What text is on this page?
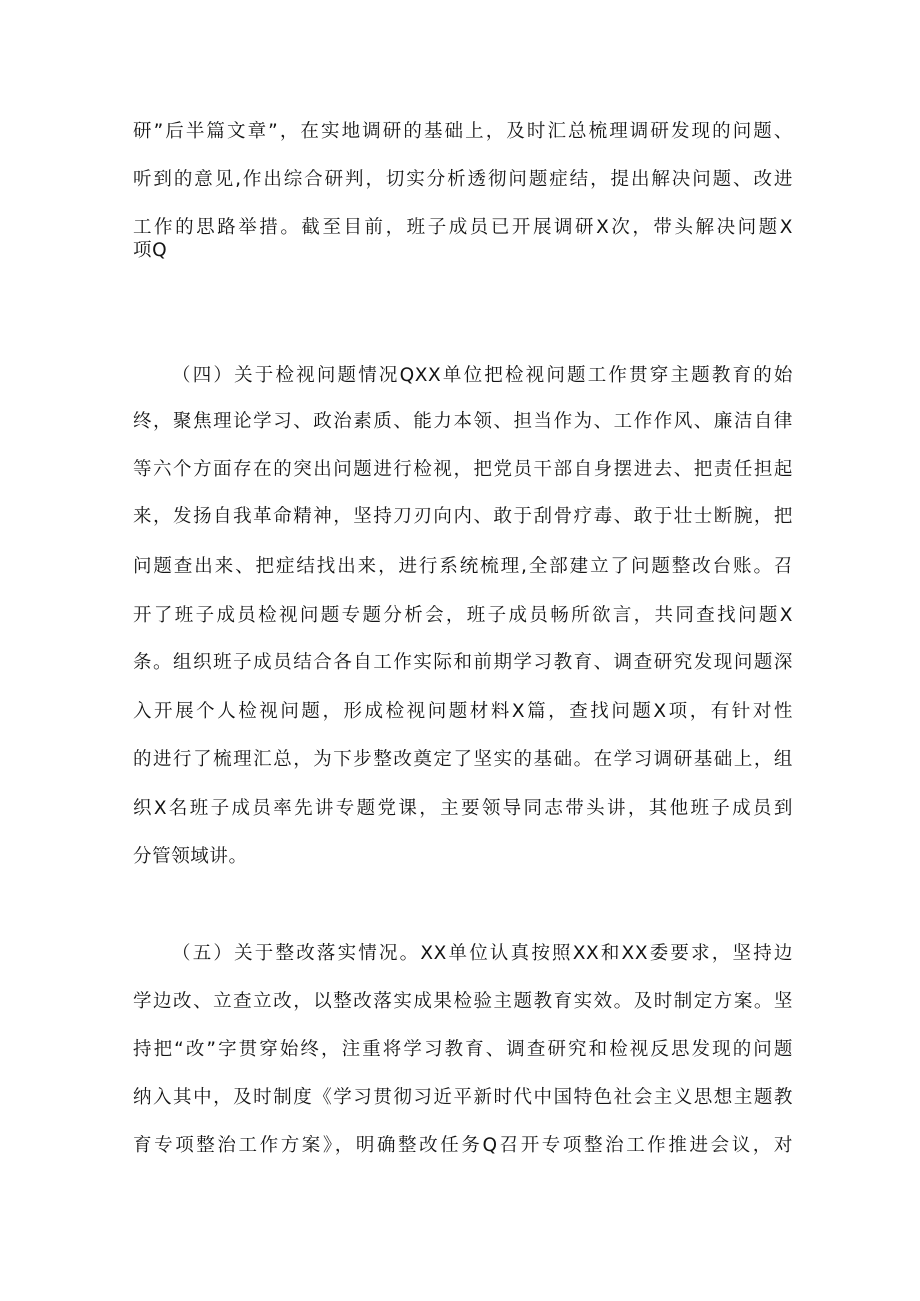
研”后半篇文章”，在实地调研的基础上，及时汇总梳理调研发现的问题、
听到的意见,作出综合研判，切实分析透彻问题症结，提出解决问题、改进
工作的思路举措。截至目前，班子成员已开展调研X次，带头解决问题X
项Q
（四）关于检视问题情况QXX单位把检视问题工作贯穿主题教育的始
终，聚焦理论学习、政治素质、能力本领、担当作为、工作作风、廉洁自律
等六个方面存在的突出问题进行检视，把党员干部自身摆进去、把责任担起
来，发扬自我革命精神，坚持刀刃向内、敢于刮骨疗毒、敢于壮士断腕，把
问题查出来、把症结找出来，进行系统梳理,全部建立了问题整改台账。召
开了班子成员检视问题专题分析会，班子成员畅所欲言，共同查找问题X
条。组织班子成员结合各自工作实际和前期学习教育、调查研究发现问题深
入开展个人检视问题，形成检视问题材料X篇，查找问题X项，有针对性
的进行了梳理汇总，为下步整改奠定了坚实的基础。在学习调研基础上，组
织X名班子成员率先讲专题党课，主要领导同志带头讲，其他班子成员到
分管领域讲。
（五）关于整改落实情况。XX单位认真按照XX和XX委要求，坚持边
学边改、立查立改，以整改落实成果检验主题教育实效。及时制定方案。坚
持把“改”字贯穿始终，注重将学习教育、调查研究和检视反思发现的问题
纳入其中，及时制度《学习贯彻习近平新时代中国特色社会主义思想主题教
育专项整治工作方案》，明确整改任务Q召开专项整治工作推进会议，对
